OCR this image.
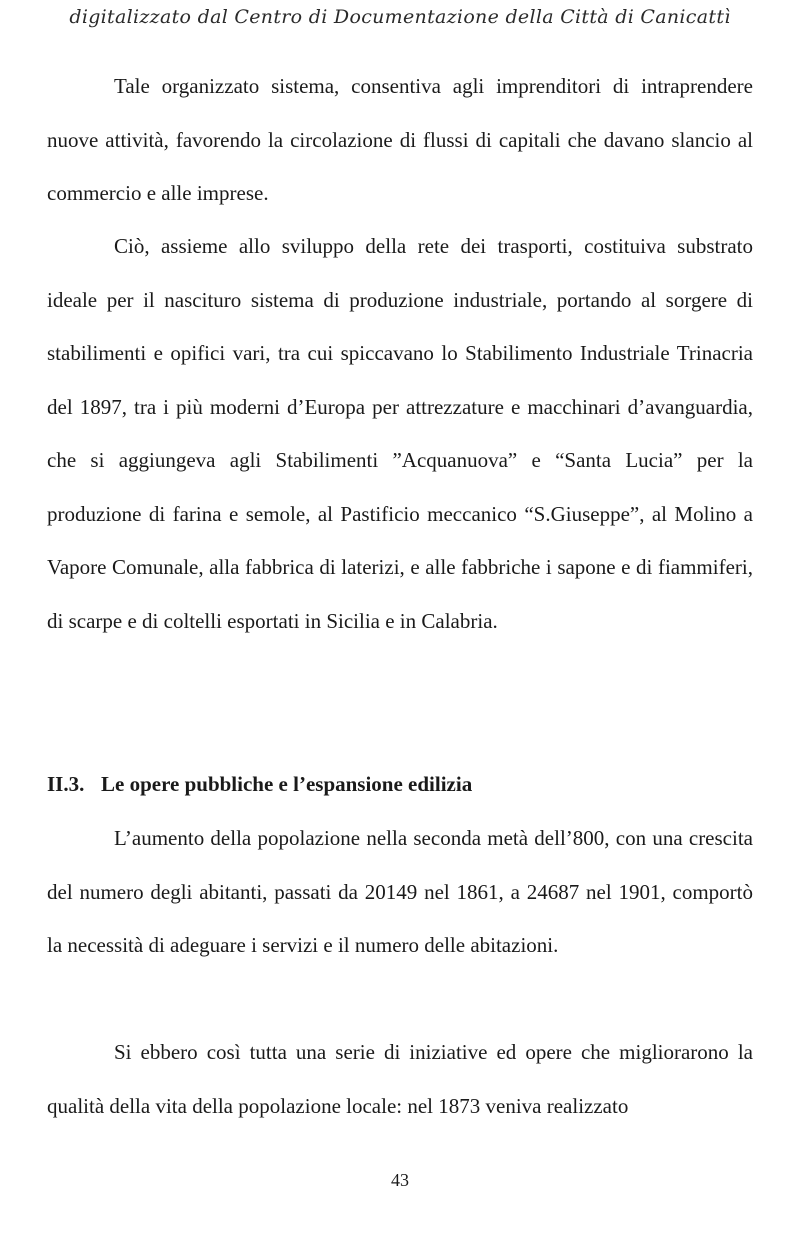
digitalizzato dal Centro di Documentazione della Città di Canicattì

Tale organizzato sistema, consentiva agli imprenditori di intraprendere nuove attività, favorendo la circolazione di flussi di capitali che davano slancio al commercio e alle imprese.

Ciò, assieme allo sviluppo della rete dei trasporti, costituiva substrato ideale per il nascituro sistema di produzione industriale, portando al sorgere di stabilimenti e opifici vari, tra cui spiccavano lo Stabilimento Industriale Trinacria del 1897, tra i più moderni d’Europa per attrezzature e macchinari d’avanguardia, che si aggiungeva agli Stabilimenti ”Acquanuova” e “Santa Lucia” per la produzione di farina e semole, al Pastificio meccanico “S.Giuseppe”, al Molino a Vapore Comunale, alla fabbrica di laterizi, e alle fabbriche i sapone e di fiammiferi, di scarpe e di coltelli esportati in Sicilia e in Calabria.

II.3. Le opere pubbliche e l’espansione edilizia

L’aumento della popolazione nella seconda metà dell’800, con una crescita del numero degli abitanti, passati da 20149 nel 1861, a 24687 nel 1901, comportò la necessità di adeguare i servizi e il numero delle abitazioni.

Si ebbero così tutta una serie di iniziative ed opere che migliorarono la qualità della vita della popolazione locale: nel 1873 veniva realizzato

43
